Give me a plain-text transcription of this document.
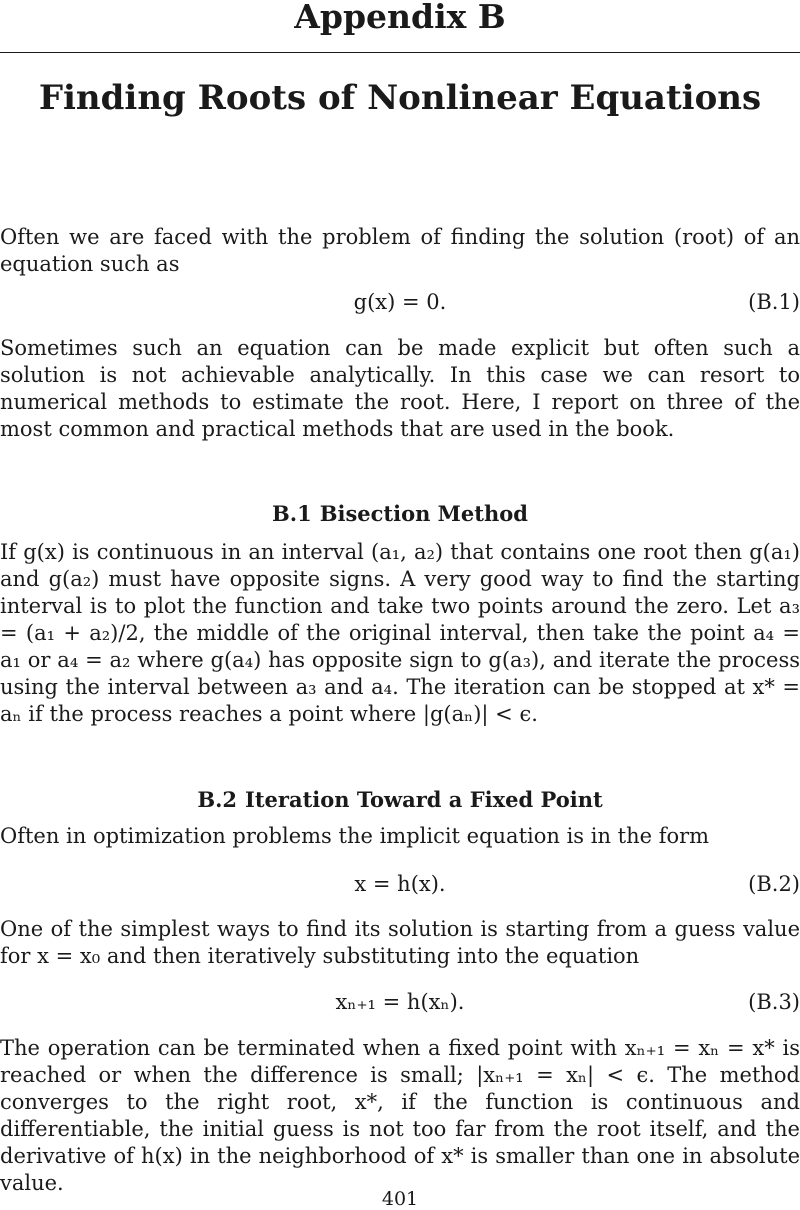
Appendix B
Finding Roots of Nonlinear Equations
Often we are faced with the problem of finding the solution (root) of an equation such as
g(x) = 0.	(B.1)
Sometimes such an equation can be made explicit but often such a solution is not achievable analytically. In this case we can resort to numerical methods to estimate the root. Here, I report on three of the most common and practical methods that are used in the book.
B.1 Bisection Method
If g(x) is continuous in an interval (a₁, a₂) that contains one root then g(a₁) and g(a₂) must have opposite signs. A very good way to find the starting interval is to plot the function and take two points around the zero. Let a₃ = (a₁ + a₂)/2, the middle of the original interval, then take the point a₄ = a₁ or a₄ = a₂ where g(a₄) has opposite sign to g(a₃), and iterate the process using the interval between a₃ and a₄. The iteration can be stopped at x* = aₙ if the process reaches a point where |g(aₙ)| < ϵ.
B.2 Iteration Toward a Fixed Point
Often in optimization problems the implicit equation is in the form
x = h(x).	(B.2)
One of the simplest ways to find its solution is starting from a guess value for x = x₀ and then iteratively substituting into the equation
xₙ₊₁ = h(xₙ).	(B.3)
The operation can be terminated when a fixed point with xₙ₊₁ = xₙ = x* is reached or when the difference is small; |xₙ₊₁ = xₙ| < ϵ. The method converges to the right root, x*, if the function is continuous and differentiable, the initial guess is not too far from the root itself, and the derivative of h(x) in the neighborhood of x* is smaller than one in absolute value.
401
